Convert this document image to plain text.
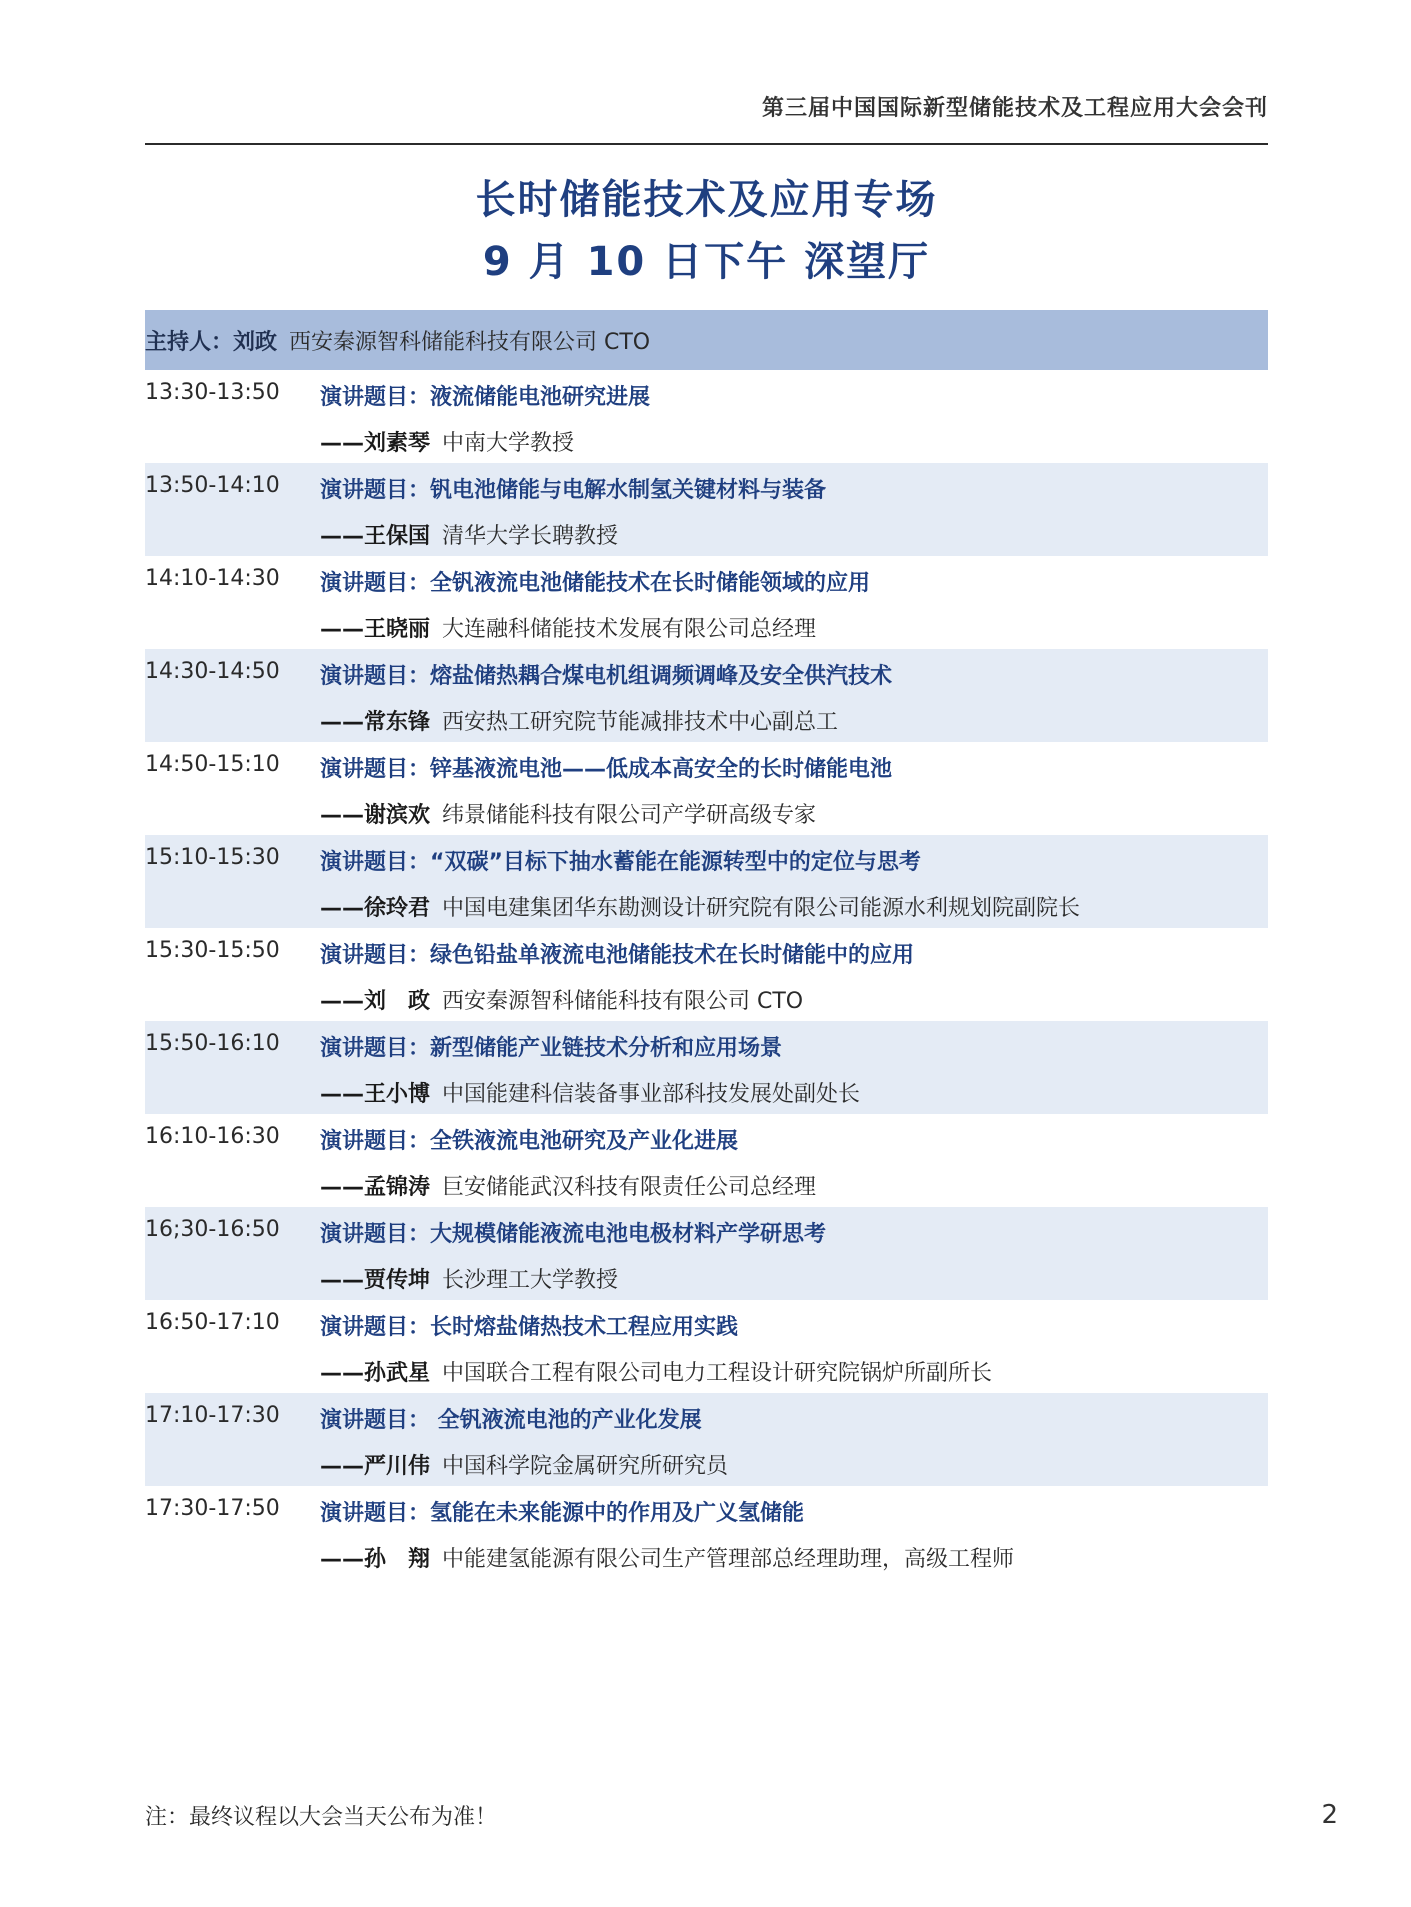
第三届中国国际新型储能技术及工程应用大会会刊
长时储能技术及应用专场
9 月 10 日下午 深望厅
主持人：刘政 西安秦源智科储能科技有限公司 CTO
13:30-13:50 演讲题目：液流储能电池研究进展
——刘素琴 中南大学教授
13:50-14:10 演讲题目：钒电池储能与电解水制氢关键材料与装备
——王保国 清华大学长聘教授
14:10-14:30 演讲题目：全钒液流电池储能技术在长时储能领域的应用
——王晓丽 大连融科储能技术发展有限公司总经理
14:30-14:50 演讲题目：熔盐储热耦合煤电机组调频调峰及安全供汽技术
——常东锋 西安热工研究院节能减排技术中心副总工
14:50-15:10 演讲题目：锌基液流电池——低成本高安全的长时储能电池
——谢滨欢 纬景储能科技有限公司产学研高级专家
15:10-15:30 演讲题目：“双碳”目标下抽水蓄能在能源转型中的定位与思考
——徐玲君 中国电建集团华东勘测设计研究院有限公司能源水利规划院副院长
15:30-15:50 演讲题目：绿色铅盐单液流电池储能技术在长时储能中的应用
——刘　政 西安秦源智科储能科技有限公司 CTO
15:50-16:10 演讲题目：新型储能产业链技术分析和应用场景
——王小博 中国能建科信装备事业部科技发展处副处长
16:10-16:30 演讲题目：全铁液流电池研究及产业化进展
——孟锦涛 巨安储能武汉科技有限责任公司总经理
16;30-16:50 演讲题目：大规模储能液流电池电极材料产学研思考
——贾传坤 长沙理工大学教授
16:50-17:10 演讲题目：长时熔盐储热技术工程应用实践
——孙武星 中国联合工程有限公司电力工程设计研究院锅炉所副所长
17:10-17:30 演讲题目： 全钒液流电池的产业化发展
——严川伟 中国科学院金属研究所研究员
17:30-17:50 演讲题目：氢能在未来能源中的作用及广义氢储能
——孙　翔 中能建氢能源有限公司生产管理部总经理助理，高级工程师
注：最终议程以大会当天公布为准！	2
